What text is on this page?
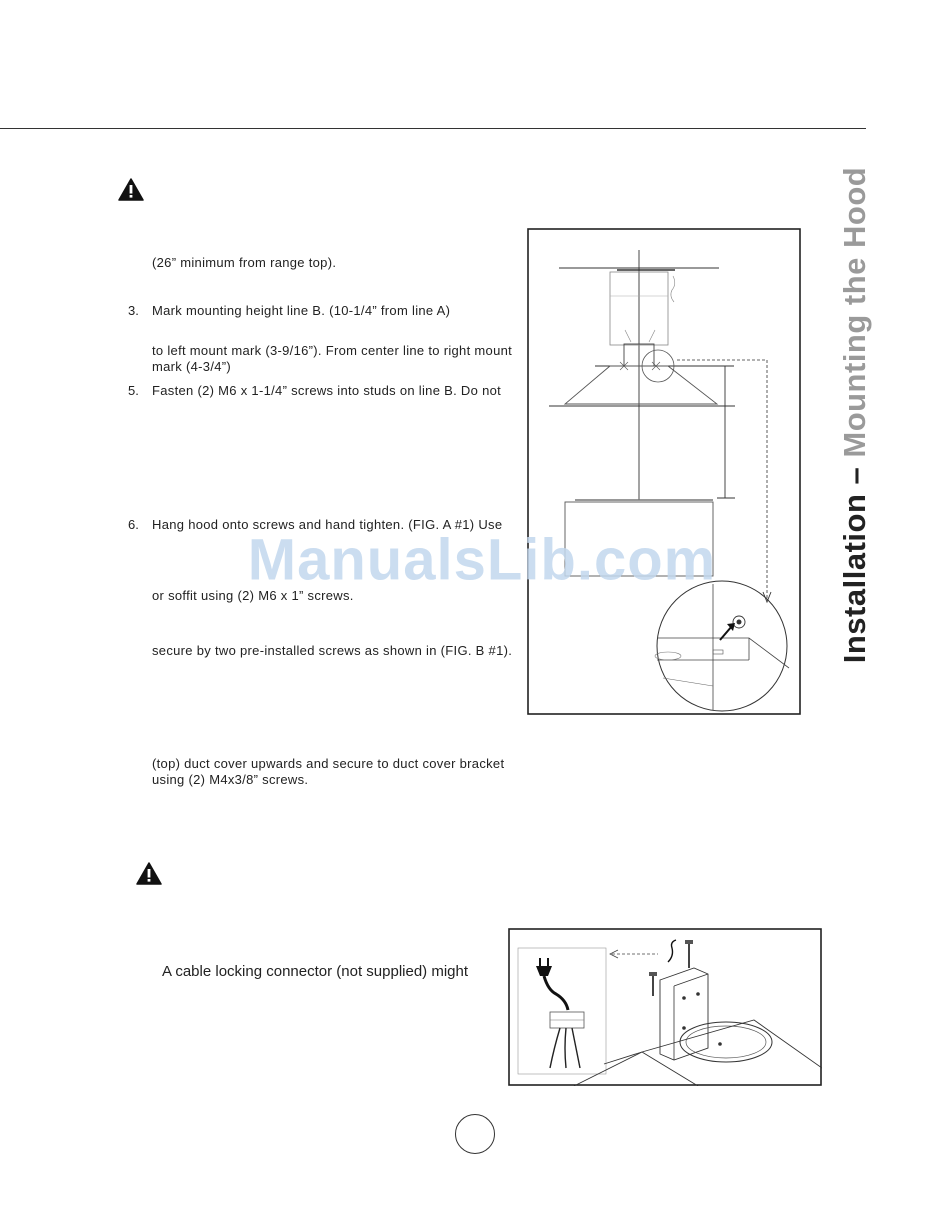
(26” minimum from range top).
3. Mark mounting height line B. (10-1/4” from line A)
to left mount mark (3-9/16”). From center line to right mount
mark (4-3/4”)
5. Fasten (2) M6 x 1-1/4” screws into studs on line B. Do not
6. Hang hood onto screws and hand tighten. (FIG. A #1) Use
or soffit using (2) M6 x 1” screws.
secure by two pre-installed screws as shown in (FIG. B #1).
(top) duct cover upwards and secure to duct cover bracket
using (2) M4x3/8” screws.
A cable locking connector (not supplied) might
Installation – Mounting the Hood
ManualsLib.com
